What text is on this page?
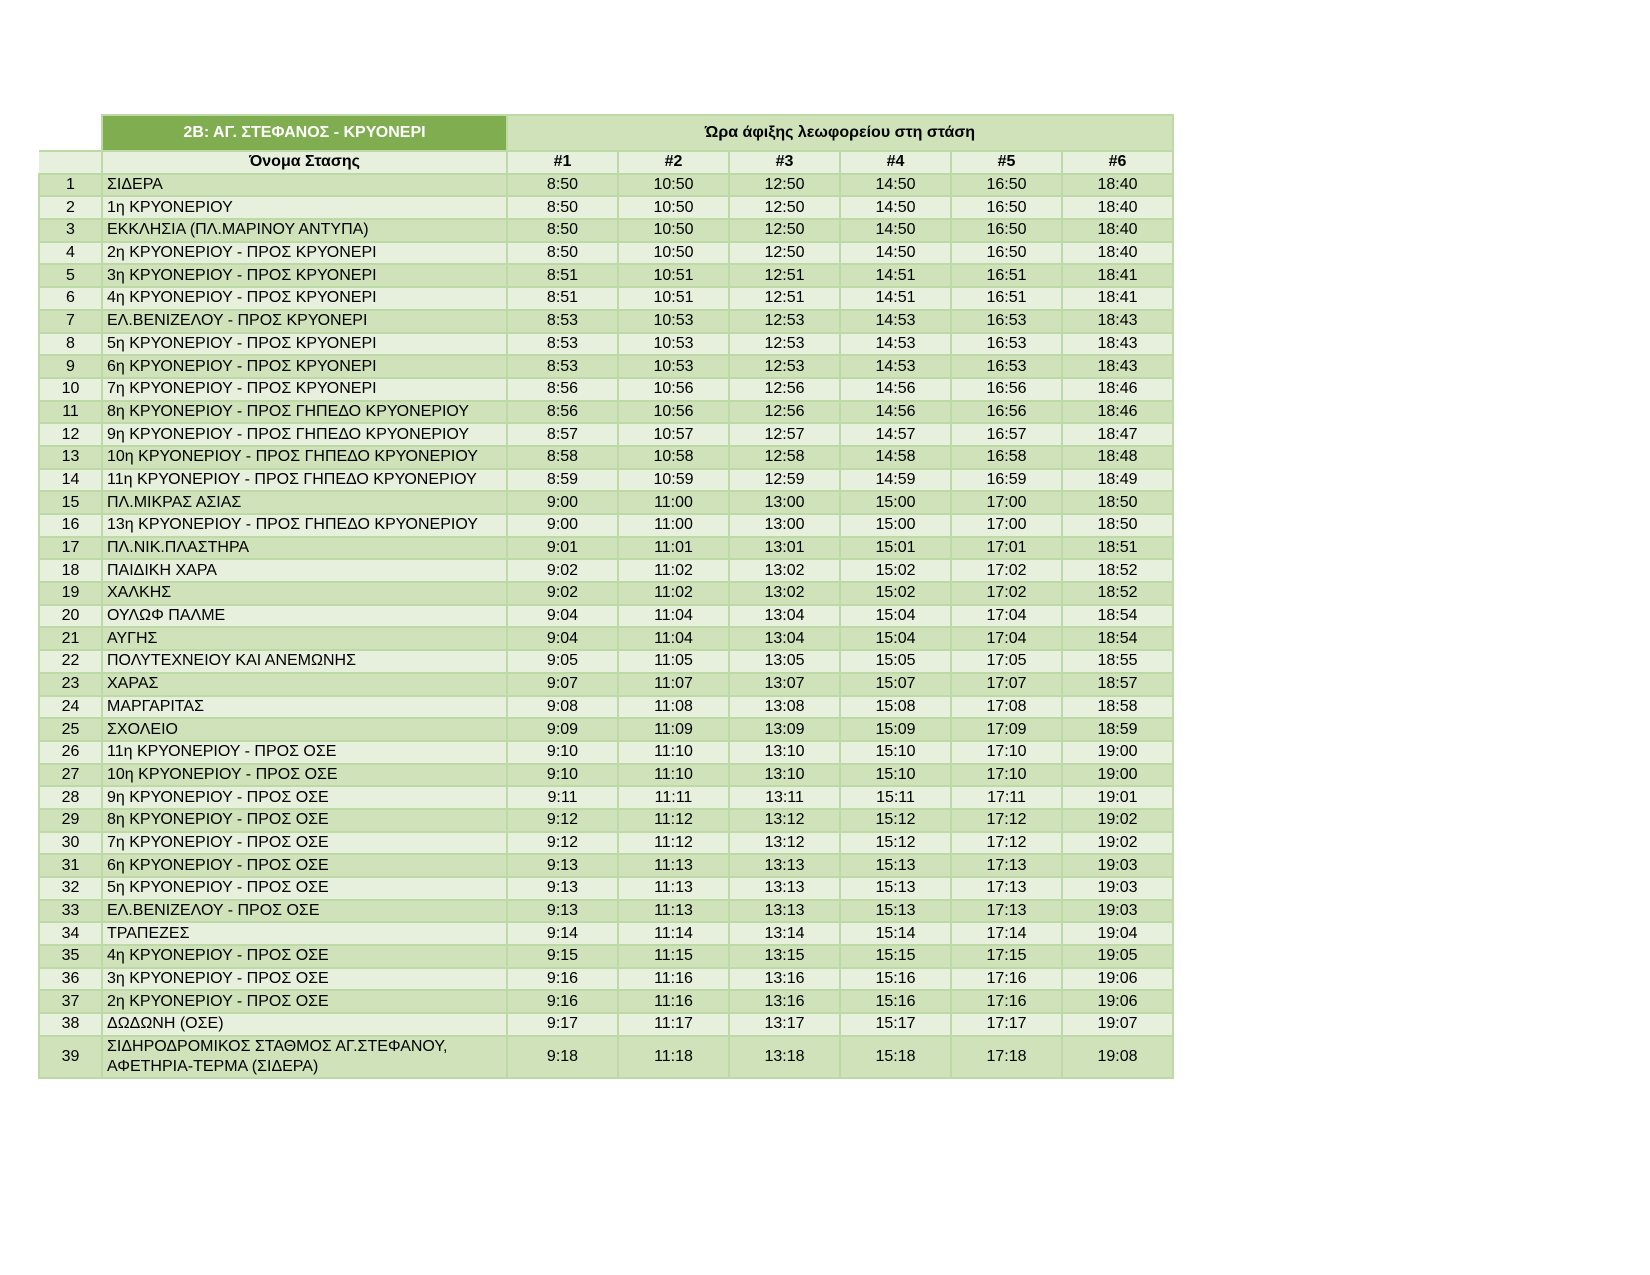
	2Β: ΑΓ. ΣΤΕΦΑΝΟΣ - ΚΡΥΟΝΕΡΙ	Ώρα άφιξης λεωφορείου στη στάση					
	Όνομα Στασης	#1	#2	#3	#4	#5	#6
1	ΣΙΔΕΡΑ	8:50	10:50	12:50	14:50	16:50	18:40
2	1η ΚΡΥΟΝΕΡΙΟΥ	8:50	10:50	12:50	14:50	16:50	18:40
3	ΕΚΚΛΗΣΙΑ (ΠΛ.ΜΑΡΙΝΟΥ ΑΝΤΥΠΑ)	8:50	10:50	12:50	14:50	16:50	18:40
4	2η ΚΡΥΟΝΕΡΙΟΥ - ΠΡΟΣ ΚΡΥΟΝΕΡΙ	8:50	10:50	12:50	14:50	16:50	18:40
5	3η ΚΡΥΟΝΕΡΙΟΥ - ΠΡΟΣ ΚΡΥΟΝΕΡΙ	8:51	10:51	12:51	14:51	16:51	18:41
6	4η ΚΡΥΟΝΕΡΙΟΥ - ΠΡΟΣ ΚΡΥΟΝΕΡΙ	8:51	10:51	12:51	14:51	16:51	18:41
7	ΕΛ.ΒΕΝΙΖΕΛΟΥ - ΠΡΟΣ ΚΡΥΟΝΕΡΙ	8:53	10:53	12:53	14:53	16:53	18:43
8	5η ΚΡΥΟΝΕΡΙΟΥ - ΠΡΟΣ ΚΡΥΟΝΕΡΙ	8:53	10:53	12:53	14:53	16:53	18:43
9	6η ΚΡΥΟΝΕΡΙΟΥ - ΠΡΟΣ ΚΡΥΟΝΕΡΙ	8:53	10:53	12:53	14:53	16:53	18:43
10	7η ΚΡΥΟΝΕΡΙΟΥ - ΠΡΟΣ ΚΡΥΟΝΕΡΙ	8:56	10:56	12:56	14:56	16:56	18:46
11	8η ΚΡΥΟΝΕΡΙΟΥ - ΠΡΟΣ ΓΗΠΕΔΟ ΚΡΥΟΝΕΡΙΟΥ	8:56	10:56	12:56	14:56	16:56	18:46
12	9η ΚΡΥΟΝΕΡΙΟΥ - ΠΡΟΣ ΓΗΠΕΔΟ ΚΡΥΟΝΕΡΙΟΥ	8:57	10:57	12:57	14:57	16:57	18:47
13	10η ΚΡΥΟΝΕΡΙΟΥ - ΠΡΟΣ ΓΗΠΕΔΟ ΚΡΥΟΝΕΡΙΟΥ	8:58	10:58	12:58	14:58	16:58	18:48
14	11η ΚΡΥΟΝΕΡΙΟΥ - ΠΡΟΣ ΓΗΠΕΔΟ ΚΡΥΟΝΕΡΙΟΥ	8:59	10:59	12:59	14:59	16:59	18:49
15	ΠΛ.ΜΙΚΡΑΣ ΑΣΙΑΣ	9:00	11:00	13:00	15:00	17:00	18:50
16	13η ΚΡΥΟΝΕΡΙΟΥ - ΠΡΟΣ ΓΗΠΕΔΟ ΚΡΥΟΝΕΡΙΟΥ	9:00	11:00	13:00	15:00	17:00	18:50
17	ΠΛ.ΝΙΚ.ΠΛΑΣΤΗΡΑ	9:01	11:01	13:01	15:01	17:01	18:51
18	ΠΑΙΔΙΚΗ ΧΑΡΑ	9:02	11:02	13:02	15:02	17:02	18:52
19	ΧΑΛΚΗΣ	9:02	11:02	13:02	15:02	17:02	18:52
20	ΟΥΛΩΦ ΠΑΛΜΕ	9:04	11:04	13:04	15:04	17:04	18:54
21	ΑΥΓΗΣ	9:04	11:04	13:04	15:04	17:04	18:54
22	ΠΟΛΥΤΕΧΝΕΙΟΥ ΚΑΙ ΑΝΕΜΩΝΗΣ	9:05	11:05	13:05	15:05	17:05	18:55
23	ΧΑΡΑΣ	9:07	11:07	13:07	15:07	17:07	18:57
24	ΜΑΡΓΑΡΙΤΑΣ	9:08	11:08	13:08	15:08	17:08	18:58
25	ΣΧΟΛΕΙΟ	9:09	11:09	13:09	15:09	17:09	18:59
26	11η ΚΡΥΟΝΕΡΙΟΥ - ΠΡΟΣ ΟΣΕ	9:10	11:10	13:10	15:10	17:10	19:00
27	10η ΚΡΥΟΝΕΡΙΟΥ - ΠΡΟΣ ΟΣΕ	9:10	11:10	13:10	15:10	17:10	19:00
28	9η ΚΡΥΟΝΕΡΙΟΥ - ΠΡΟΣ ΟΣΕ	9:11	11:11	13:11	15:11	17:11	19:01
29	8η ΚΡΥΟΝΕΡΙΟΥ - ΠΡΟΣ ΟΣΕ	9:12	11:12	13:12	15:12	17:12	19:02
30	7η ΚΡΥΟΝΕΡΙΟΥ - ΠΡΟΣ ΟΣΕ	9:12	11:12	13:12	15:12	17:12	19:02
31	6η ΚΡΥΟΝΕΡΙΟΥ - ΠΡΟΣ ΟΣΕ	9:13	11:13	13:13	15:13	17:13	19:03
32	5η ΚΡΥΟΝΕΡΙΟΥ - ΠΡΟΣ ΟΣΕ	9:13	11:13	13:13	15:13	17:13	19:03
33	ΕΛ.ΒΕΝΙΖΕΛΟΥ - ΠΡΟΣ ΟΣΕ	9:13	11:13	13:13	15:13	17:13	19:03
34	ΤΡΑΠΕΖΕΣ	9:14	11:14	13:14	15:14	17:14	19:04
35	4η ΚΡΥΟΝΕΡΙΟΥ - ΠΡΟΣ ΟΣΕ	9:15	11:15	13:15	15:15	17:15	19:05
36	3η ΚΡΥΟΝΕΡΙΟΥ - ΠΡΟΣ ΟΣΕ	9:16	11:16	13:16	15:16	17:16	19:06
37	2η ΚΡΥΟΝΕΡΙΟΥ - ΠΡΟΣ ΟΣΕ	9:16	11:16	13:16	15:16	17:16	19:06
38	ΔΩΔΩΝΗ (ΟΣΕ)	9:17	11:17	13:17	15:17	17:17	19:07
39	ΣΙΔΗΡΟΔΡΟΜΙΚΟΣ ΣΤΑΘΜΟΣ ΑΓ.ΣΤΕΦΑΝΟΥ,
ΑΦΕΤΗΡΙΑ-ΤΕΡΜΑ (ΣΙΔΕΡΑ)	9:18	11:18	13:18	15:18	17:18	19:08
